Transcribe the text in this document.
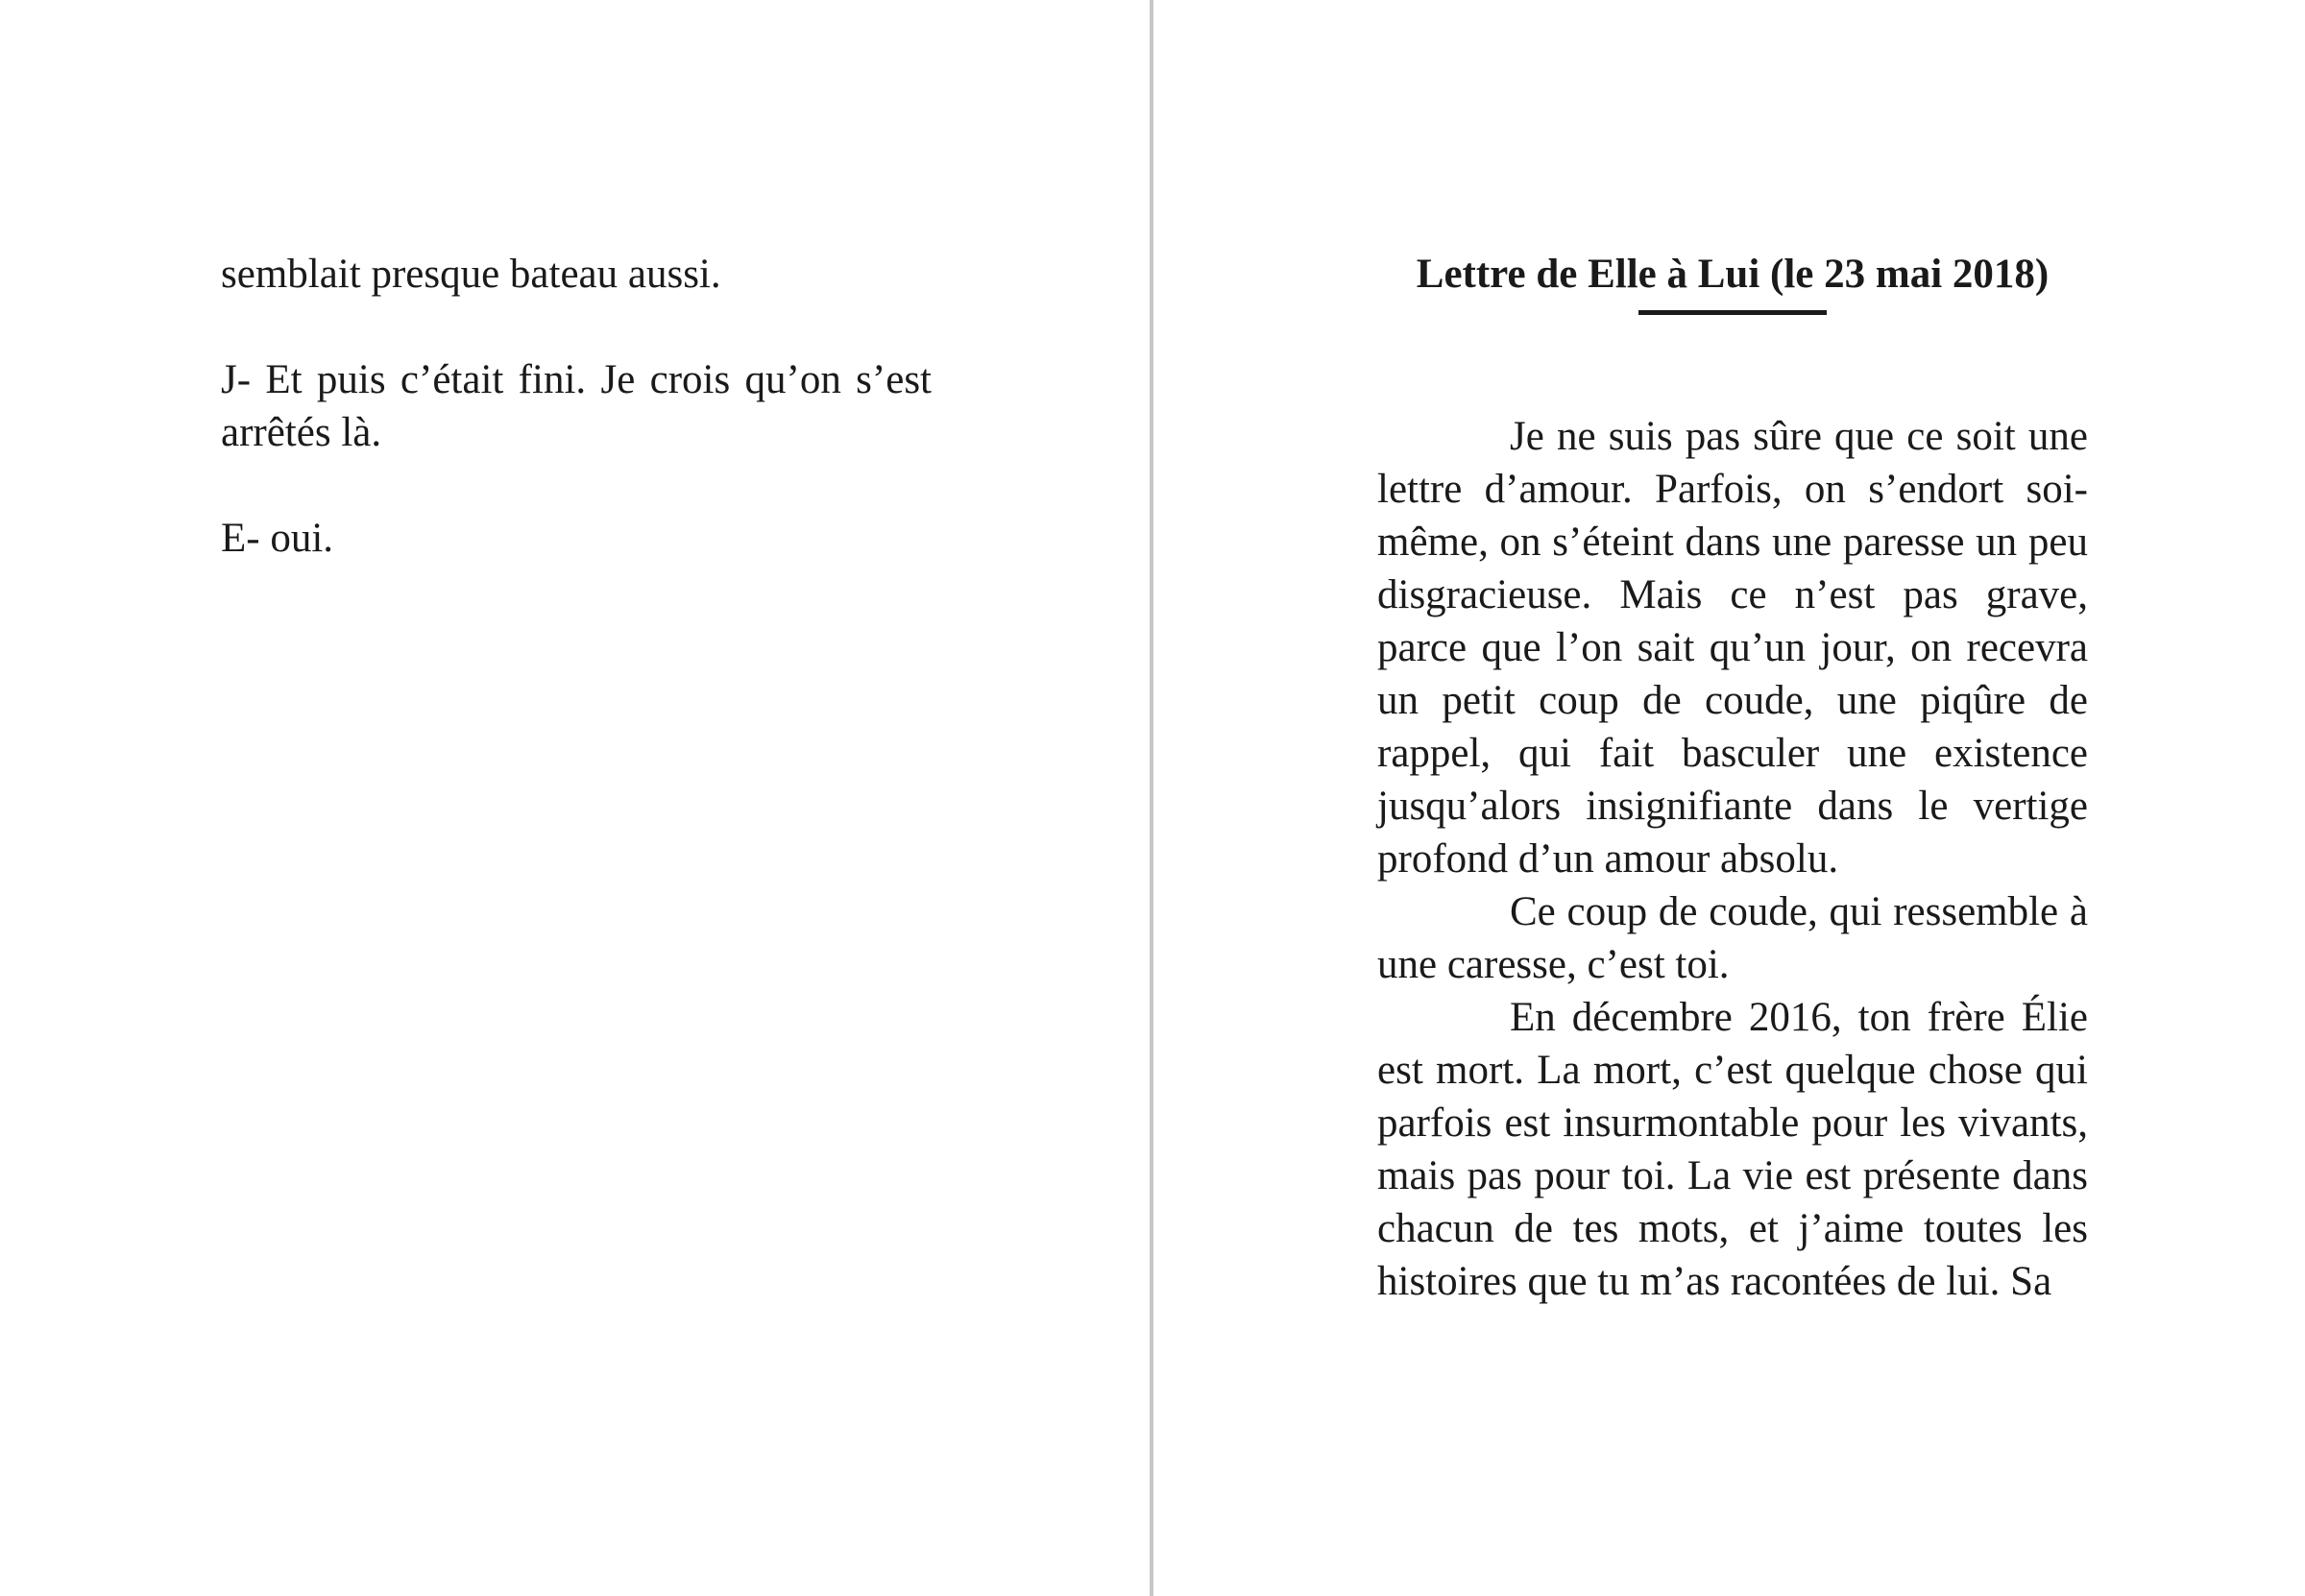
semblait presque bateau aussi.

J- Et puis c’était fini. Je crois qu’on s’est arrêtés là.

E- oui.

Lettre de Elle à Lui (le 23 mai 2018)

Je ne suis pas sûre que ce soit une lettre d’amour. Parfois, on s’endort soi-même, on s’éteint dans une paresse un peu disgracieuse. Mais ce n’est pas grave, parce que l’on sait qu’un jour, on recevra un petit coup de coude, une piqûre de rappel, qui fait basculer une existence jusqu’alors insignifiante dans le vertige profond d’un amour absolu.

Ce coup de coude, qui ressemble à une caresse, c’est toi.

En décembre 2016, ton frère Élie est mort. La mort, c’est quelque chose qui parfois est insurmontable pour les vivants, mais pas pour toi. La vie est présente dans chacun de tes mots, et j’aime toutes les histoires que tu m’as racontées de lui. Sa
